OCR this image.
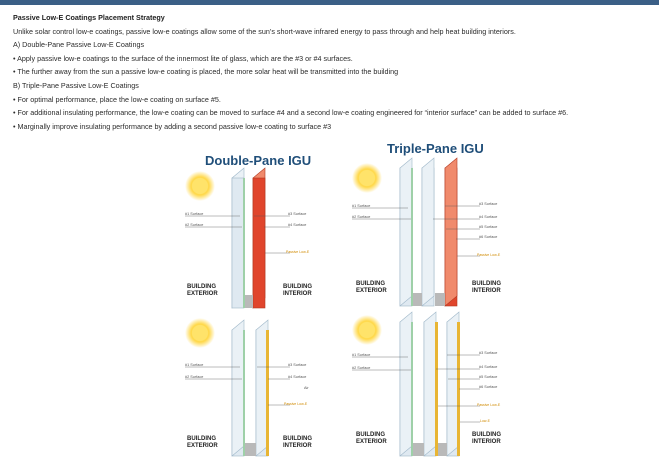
Passive Low-E Coatings Placement Strategy
Unlike solar control low-e coatings, passive low-e coatings allow some of the sun’s short-wave infrared energy to pass through and help heat building interiors.
A) Double-Pane Passive Low-E Coatings
• Apply passive low-e coatings to the surface of the innermost lite of glass, which are the #3 or #4 surfaces.
• The further away from the sun a passive low-e coating is placed, the more solar heat will be transmitted into the building
B) Triple-Pane Passive Low-E Coatings
• For optimal performance, place the low-e coating on surface #5.
• For additional insulating performance, the low-e coating can be moved to surface #4 and a second low-e coating engineered for “interior surface” can be added to surface #6.
• Marginally improve insulating performance by adding a second passive low-e coating to surface #3
Double-Pane IGU
Triple-Pane IGU
#1 Surface
#2 Surface
#3 Surface
#4 Surface
Passive Low-E
BUILDING
EXTERIOR
BUILDING
INTERIOR
#1 Surface
#2 Surface
#3 Surface
#4 Surface
#5 Surface
#6 Surface
Passive Low-E
BUILDING
EXTERIOR
BUILDING
INTERIOR
#1 Surface
#2 Surface
#3 Surface
#4 Surface
Air
Passive Low-E
BUILDING
EXTERIOR
BUILDING
INTERIOR
#1 Surface
#2 Surface
#3 Surface
#4 Surface
#5 Surface
#6 Surface
Passive Low-E
Low-E
BUILDING
EXTERIOR
BUILDING
INTERIOR
